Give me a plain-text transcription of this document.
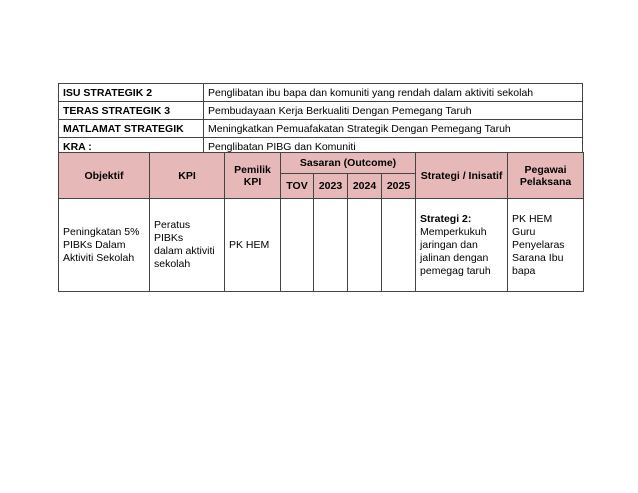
ISU STRATEGIK 2	Penglibatan ibu bapa dan komuniti yang rendah dalam aktiviti sekolah
TERAS STRATEGIK 3	Pembudayaan Kerja Berkualiti Dengan Pemegang Taruh
MATLAMAT STRATEGIK	Meningkatkan Pemuafakatan Strategik Dengan Pemegang Taruh
KRA :	Penglibatan PIBG dan Komuniti
Objektif	KPI	Pemilik KPI	Sasaran (Outcome)				Strategi / Inisatif	Pegawai Pelaksana
			TOV	2023	2024	2025		

Peningkatan 5%
PIBKs Dalam
Aktiviti Sekolah	Peratus PIBKs
dalam aktiviti
sekolah	PK HEM					Strategi 2:
Memperkukuh
jaringan dan
jalinan dengan
pemegag taruh	PK HEM
Guru
Penyelaras
Sarana Ibu
bapa
